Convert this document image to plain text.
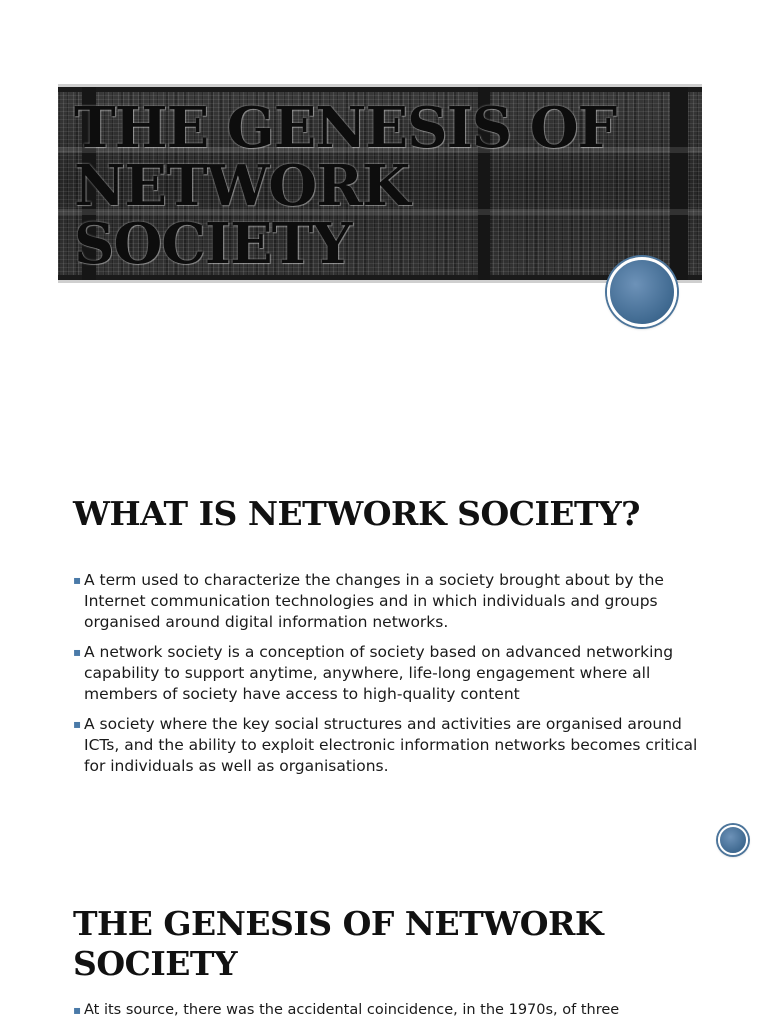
THE GENESIS OF NETWORK SOCIETY
WHAT IS NETWORK SOCIETY?
▪ A term used to characterize the changes in a society brought about by the Internet communication technologies and in which individuals and groups organised around digital information networks.
▪ A network society is a conception of society based on advanced networking capability to support anytime, anywhere, life-long engagement where all members of society have access to high-quality content
▪ A society where the key social structures and activities are organised around ICTs, and the ability to exploit electronic information networks becomes critical for individuals as well as organisations.
THE GENESIS OF NETWORK SOCIETY
▪ At its source, there was the accidental coincidence, in the 1970s, of three
